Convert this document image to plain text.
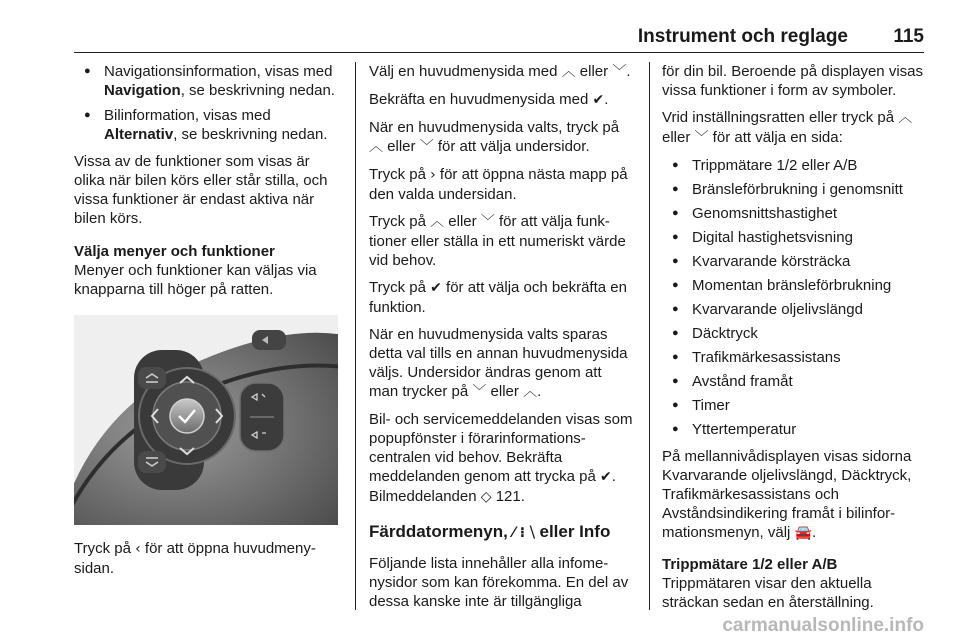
Instrument och reglage 115
● Navigationsinformation, visas med Navigation, se beskrivning nedan.
● Bilinformation, visas med Alternativ, se beskrivning nedan.

Vissa av de funktioner som visas är olika när bilen körs eller står stilla, och vissa funktioner är endast aktiva när bilen körs.

Välja menyer och funktioner

Menyer och funktioner kan väljas via knapparna till höger på ratten.

Tryck på ‹ för att öppna huvudmenysidan.

Välj en huvudmenysida med ︿ eller ﹀.

Bekräfta en huvudmenysida med ✔.

När en huvudmenysida valts, tryck på ︿ eller ﹀ för att välja undersidor.

Tryck på › för att öppna nästa mapp på den valda undersidan.

Tryck på ︿ eller ﹀ för att välja funktioner eller ställa in ett numeriskt värde vid behov.

Tryck på ✔ för att välja och bekräfta en funktion.

När en huvudmenysida valts sparas detta val tills en annan huvudmenysida väljs. Undersidor ändras genom att man trycker på ﹀ eller ︿.

Bil- och servicemeddelanden visas som popupfönster i förarinformationscentralen vid behov. Bekräfta meddelanden genom att trycka på ✔. Bilmeddelanden ◇ 121.

Färddatormenyn, ⁄ ⁝ ⧹ eller Info

Följande lista innehåller alla infomenysidor som kan förekomma. En del av dessa kanske inte är tillgängliga

för din bil. Beroende på displayen visas vissa funktioner i form av symboler.

Vrid inställningsratten eller tryck på ︿ eller ﹀ för att välja en sida:

● Trippmätare 1/2 eller A/B
● Bränsleförbrukning i genomsnitt
● Genomsnittshastighet
● Digital hastighetsvisning
● Kvarvarande körsträcka
● Momentan bränsleförbrukning
● Kvarvarande oljelivslängd
● Däcktryck
● Trafikmärkesassistans
● Avstånd framåt
● Timer
● Yttertemperatur

På mellannivådisplayen visas sidorna Kvarvarande oljelivslängd, Däcktryck, Trafikmärkesassistans och Avståndsindikering framåt i bilinformationsmenyn, välj 🚘.

Trippmätare 1/2 eller A/B

Trippmätaren visar den aktuella sträckan sedan en återställning.

carmanualsonline.info
